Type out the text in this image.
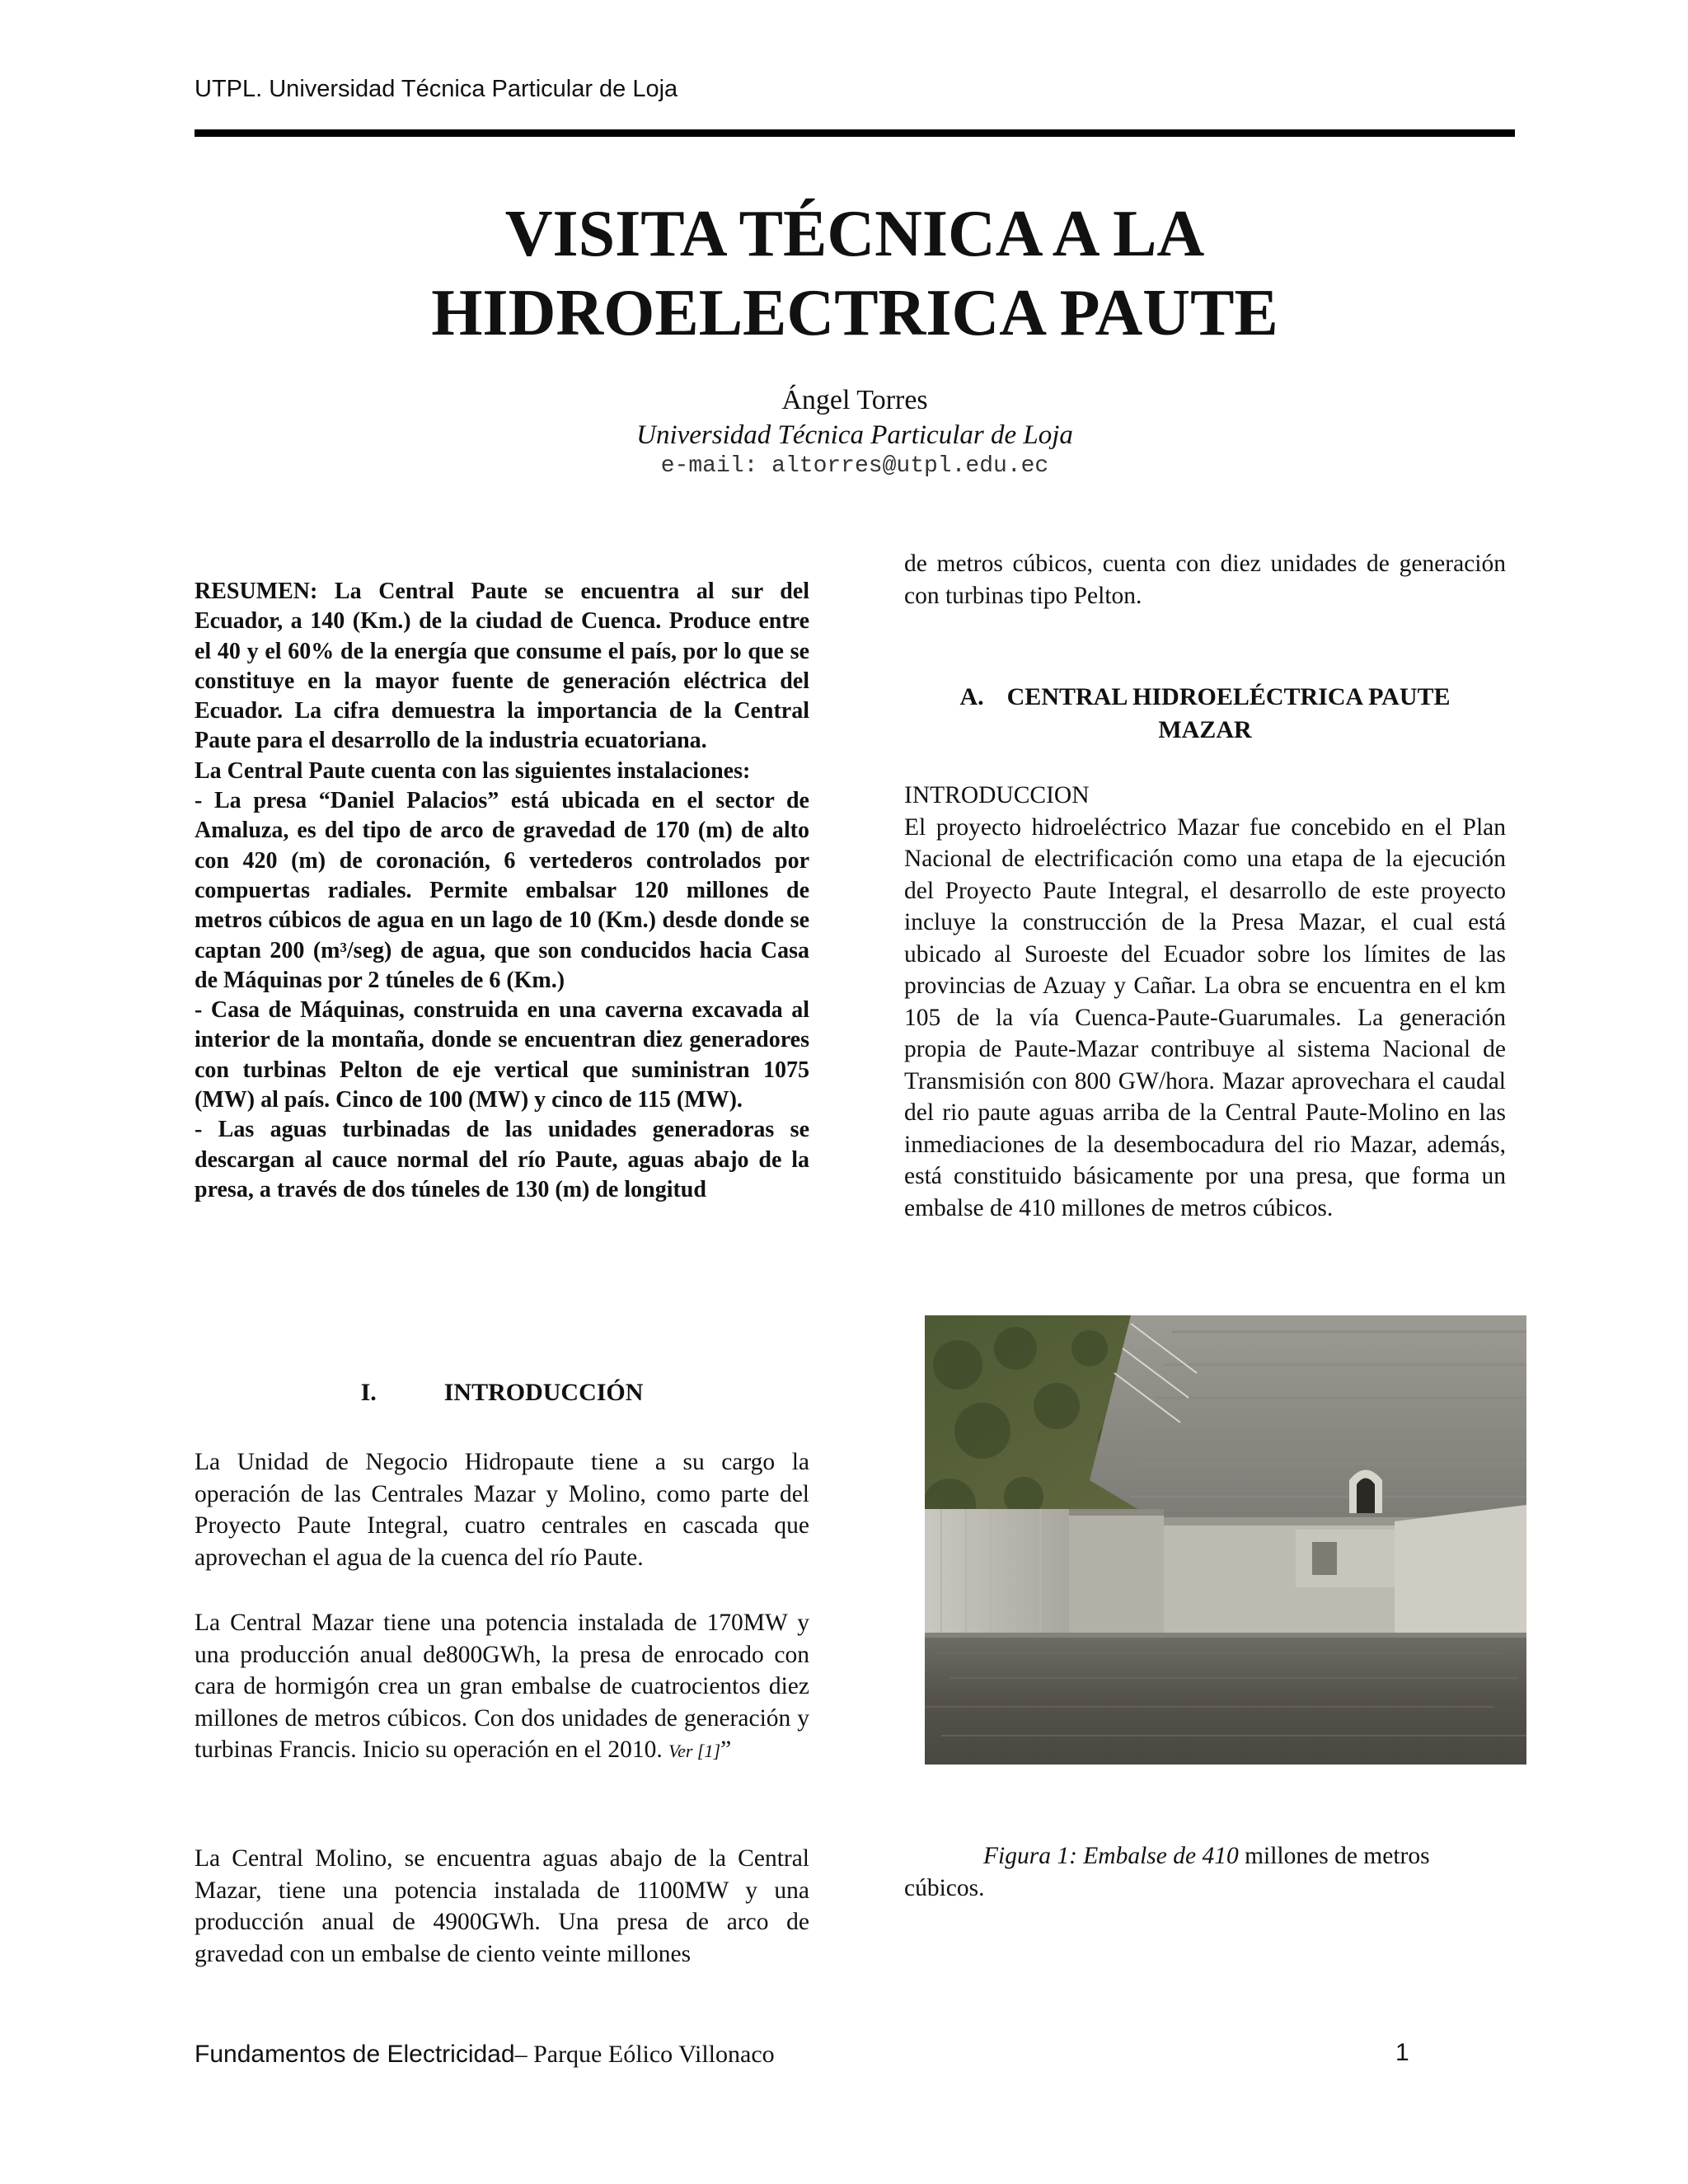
UTPL. Universidad Técnica Particular de Loja
VISITA TÉCNICA A LA
HIDROELECTRICA PAUTE
Ángel Torres
Universidad Técnica Particular de Loja
e-mail: altorres@utpl.edu.ec

RESUMEN: La Central Paute se encuentra al sur del Ecuador, a 140 (Km.) de la ciudad de Cuenca. Produce entre el 40 y el 60% de la energía que consume el país, por lo que se constituye en la mayor fuente de generación eléctrica del Ecuador. La cifra demuestra la importancia de la Central Paute para el desarrollo de la industria ecuatoriana.

La Central Paute cuenta con las siguientes instalaciones:

- La presa “Daniel Palacios” está ubicada en el sector de Amaluza, es del tipo de arco de gravedad de 170 (m) de alto con 420 (m) de coronación, 6 vertederos controlados por compuertas radiales. Permite embalsar 120 millones de metros cúbicos de agua en un lago de 10 (Km.) desde donde se captan 200 (m³/seg) de agua, que son conducidos hacia Casa de Máquinas por 2 túneles de 6 (Km.)

- Casa de Máquinas, construida en una caverna excavada al interior de la montaña, donde se encuentran diez generadores con turbinas Pelton de eje vertical que suministran 1075 (MW) al país. Cinco de 100 (MW) y cinco de 115 (MW).

- Las aguas turbinadas de las unidades generadoras se descargan al cauce normal del río Paute, aguas abajo de la presa, a través de dos túneles de 130 (m) de longitud

I.	INTRODUCCIÓN

La Unidad de Negocio Hidropaute tiene a su cargo la operación de las Centrales Mazar y Molino, como parte del Proyecto Paute Integral, cuatro centrales en cascada que aprovechan el agua de la cuenca del río Paute.

La Central Mazar tiene una potencia instalada de 170MW y una producción anual de800GWh, la presa de enrocado con cara de hormigón crea un gran embalse de cuatrocientos diez millones de metros cúbicos. Con dos unidades de generación y turbinas Francis. Inicio su operación en el 2010. Ver [1]”

La Central Molino, se encuentra aguas abajo de la Central Mazar, tiene una potencia instalada de 1100MW y una producción anual de 4900GWh. Una presa de arco de gravedad con un embalse de ciento veinte millones

de metros cúbicos, cuenta con diez unidades de generación con turbinas tipo Pelton.

A. CENTRAL HIDROELÉCTRICA PAUTE
MAZAR

INTRODUCCION

El proyecto hidroeléctrico Mazar fue concebido en el Plan Nacional de electrificación como una etapa de la ejecución del Proyecto Paute Integral, el desarrollo de este proyecto incluye la construcción de la Presa Mazar, el cual está ubicado al Suroeste del Ecuador sobre los límites de las provincias de Azuay y Cañar. La obra se encuentra en el km 105 de la vía Cuenca-Paute-Guarumales. La generación propia de Paute-Mazar contribuye al sistema Nacional de Transmisión con 800 GW/hora. Mazar aprovechara el caudal del rio paute aguas arriba de la Central Paute-Molino en las inmediaciones de la desembocadura del rio Mazar, además, está constituido básicamente por una presa, que forma un embalse de 410 millones de metros cúbicos.

Figura 1: Embalse de 410 millones de metros cúbicos.
Fundamentos de Electricidad– Parque Eólico Villonaco	1
